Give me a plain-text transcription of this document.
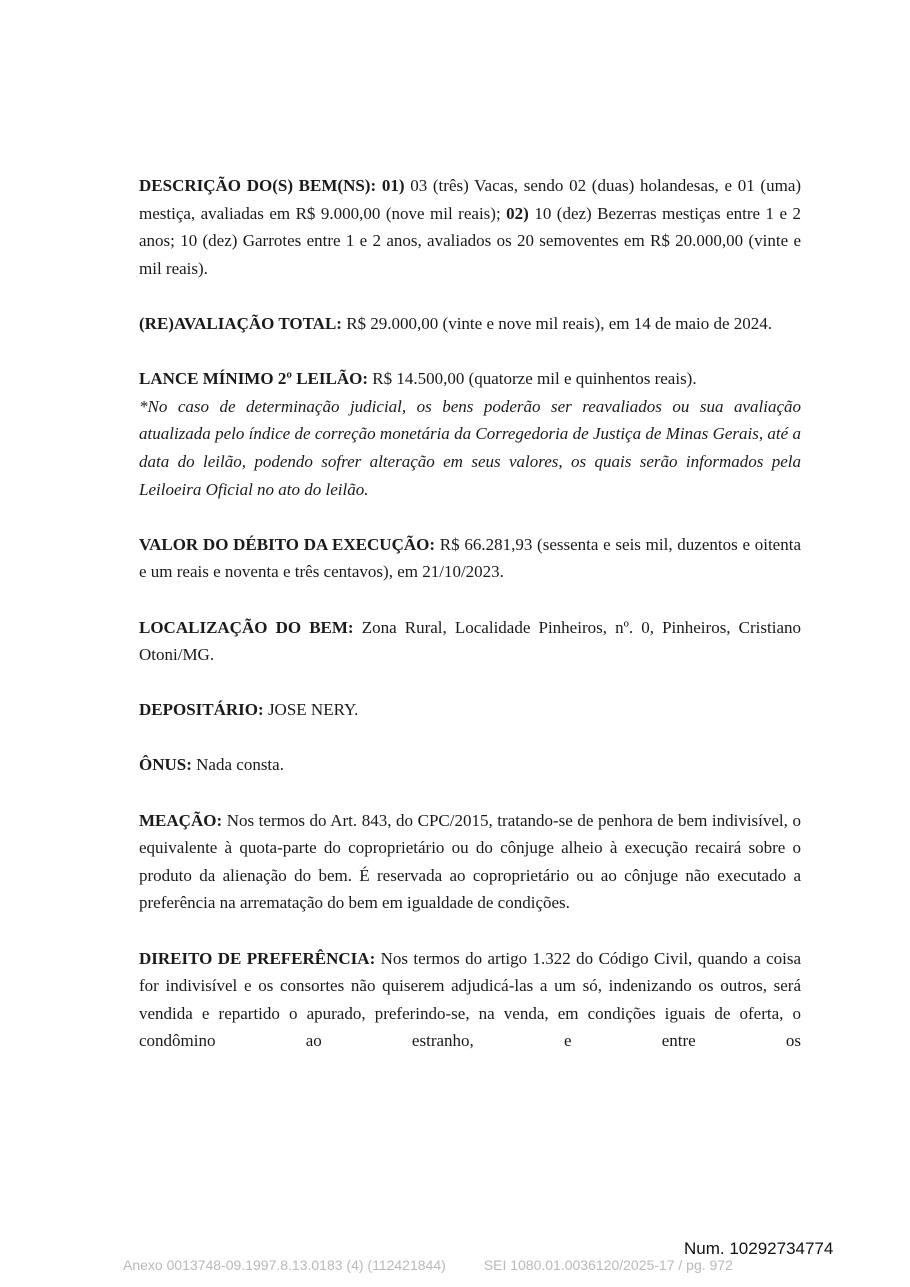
DESCRIÇÃO DO(S) BEM(NS): 01) 03 (três) Vacas, sendo 02 (duas) holandesas, e 01 (uma) mestiça, avaliadas em R$ 9.000,00 (nove mil reais); 02) 10 (dez) Bezerras mestiças entre 1 e 2 anos; 10 (dez) Garrotes entre 1 e 2 anos, avaliados os 20 semoventes em R$ 20.000,00 (vinte e mil reais).

(RE)AVALIAÇÃO TOTAL: R$ 29.000,00 (vinte e nove mil reais), em 14 de maio de 2024.

LANCE MÍNIMO 2º LEILÃO: R$ 14.500,00 (quatorze mil e quinhentos reais).

*No caso de determinação judicial, os bens poderão ser reavaliados ou sua avaliação atualizada pelo índice de correção monetária da Corregedoria de Justiça de Minas Gerais, até a data do leilão, podendo sofrer alteração em seus valores, os quais serão informados pela Leiloeira Oficial no ato do leilão.

VALOR DO DÉBITO DA EXECUÇÃO: R$ 66.281,93 (sessenta e seis mil, duzentos e oitenta e um reais e noventa e três centavos), em 21/10/2023.

LOCALIZAÇÃO DO BEM: Zona Rural, Localidade Pinheiros, nº. 0, Pinheiros, Cristiano Otoni/MG.

DEPOSITÁRIO: JOSE NERY.

ÔNUS: Nada consta.

MEAÇÃO: Nos termos do Art. 843, do CPC/2015, tratando-se de penhora de bem indivisível, o equivalente à quota-parte do coproprietário ou do cônjuge alheio à execução recairá sobre o produto da alienação do bem. É reservada ao coproprietário ou ao cônjuge não executado a preferência na arrematação do bem em igualdade de condições.

DIREITO DE PREFERÊNCIA: Nos termos do artigo 1.322 do Código Civil, quando a coisa for indivisível e os consortes não quiserem adjudicá-las a um só, indenizando os outros, será vendida e repartido o apurado, preferindo-se, na venda, em condições iguais de oferta, o condômino ao estranho, e entre os

Num. 10292734774
Anexo 0013748-09.1997.8.13.0183 (4) (112421844)	SEI 1080.01.0036120/2025-17 / pg. 972
